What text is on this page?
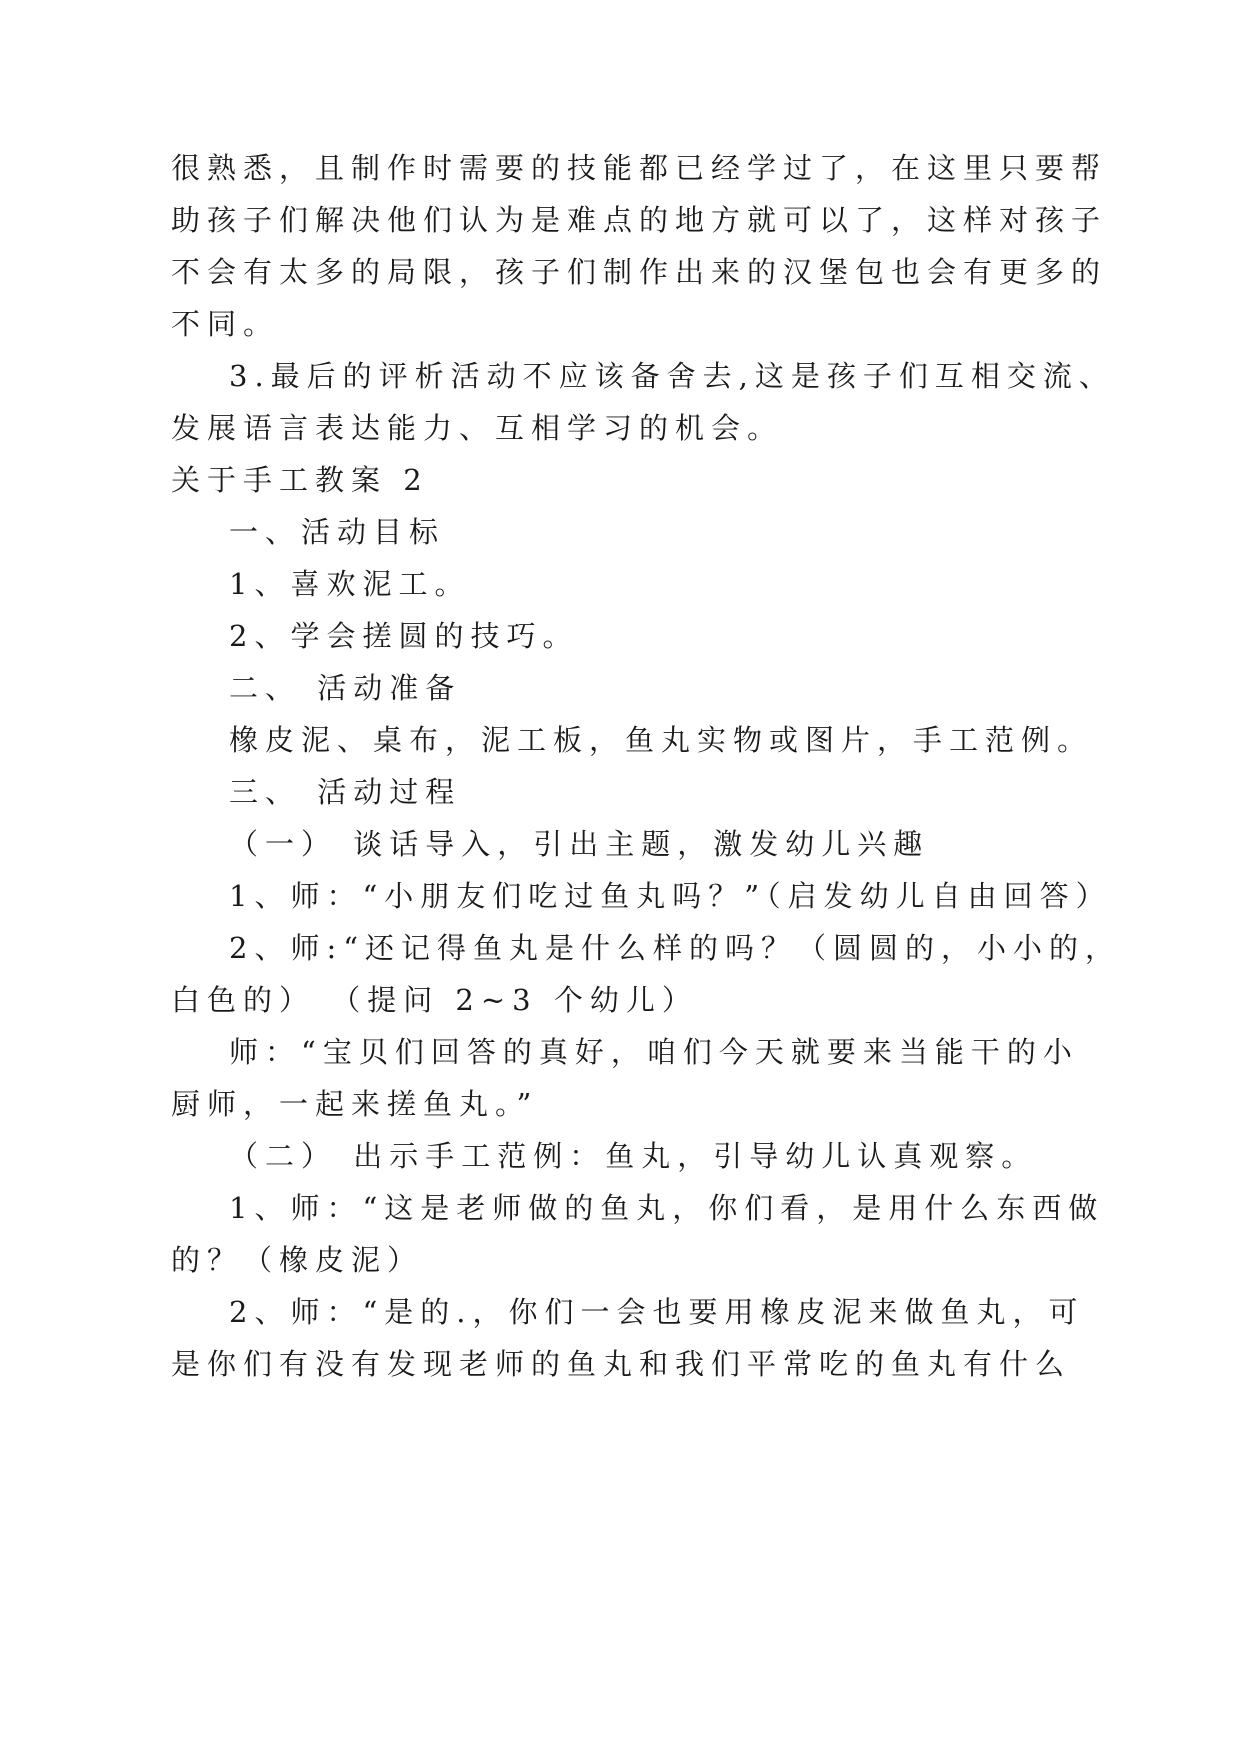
很熟悉，且制作时需要的技能都已经学过了，在这里只要帮

助孩子们解决他们认为是难点的地方就可以了，这样对孩子

不会有太多的局限，孩子们制作出来的汉堡包也会有更多的

不同。

3.最后的评析活动不应该备舍去,这是孩子们互相交流、

发展语言表达能力、互相学习的机会。

关于手工教案 2

一、活动目标

1、喜欢泥工。

2、学会搓圆的技巧。

二、 活动准备

橡皮泥、桌布，泥工板，鱼丸实物或图片，手工范例。

三、 活动过程

（一） 谈话导入，引出主题，激发幼儿兴趣

1、师：“小朋友们吃过鱼丸吗？”（启发幼儿自由回答）

2、师:“还记得鱼丸是什么样的吗？（圆圆的，小小的，

白色的） （提问 2~3 个幼儿）

师：“宝贝们回答的真好，咱们今天就要来当能干的小

厨师，一起来搓鱼丸。”

（二） 出示手工范例：鱼丸，引导幼儿认真观察。

1、师：“这是老师做的鱼丸，你们看，是用什么东西做

的？（橡皮泥）

2、师：“是的.，你们一会也要用橡皮泥来做鱼丸，可

是你们有没有发现老师的鱼丸和我们平常吃的鱼丸有什么
